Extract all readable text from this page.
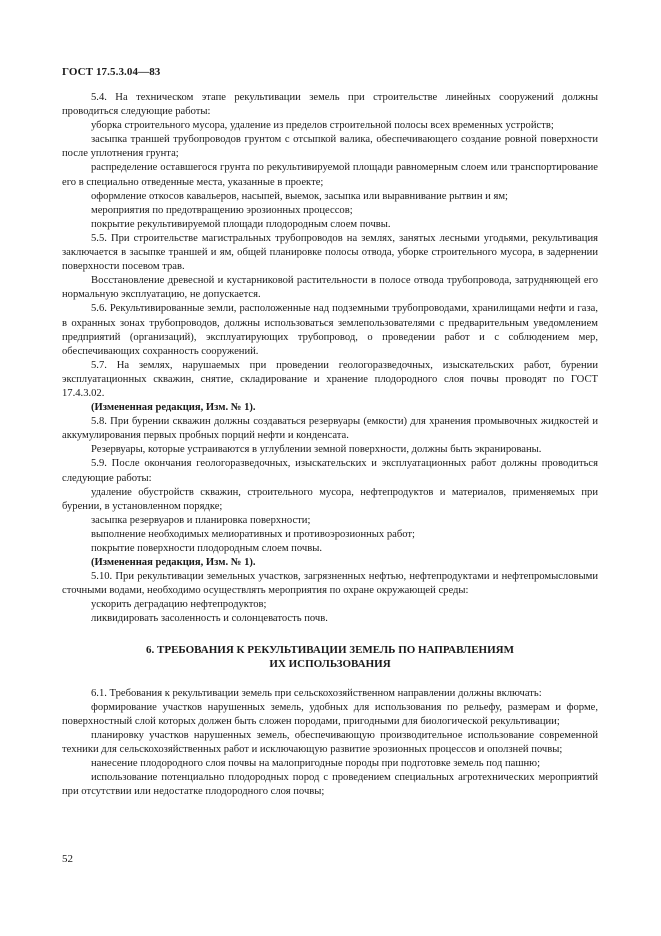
ГОСТ 17.5.3.04—83

5.4. На техническом этапе рекультивации земель при строительстве линейных сооружений должны проводиться следующие работы:

уборка строительного мусора, удаление из пределов строительной полосы всех временных устройств;

засыпка траншей трубопроводов грунтом с отсыпкой валика, обеспечивающего создание ровной поверхности после уплотнения грунта;

распределение оставшегося грунта по рекультивируемой площади равномерным слоем или транспортирование его в специально отведенные места, указанные в проекте;

оформление откосов кавальеров, насыпей, выемок, засыпка или выравнивание рытвин и ям;

мероприятия по предотвращению эрозионных процессов;

покрытие рекультивируемой площади плодородным слоем почвы.

5.5. При строительстве магистральных трубопроводов на землях, занятых лесными угодьями, рекультивация заключается в засыпке траншей и ям, общей планировке полосы отвода, уборке строительного мусора, в задернении поверхности посевом трав.

Восстановление древесной и кустарниковой растительности в полосе отвода трубопровода, затрудняющей его нормальную эксплуатацию, не допускается.

5.6. Рекультивированные земли, расположенные над подземными трубопроводами, хранилищами нефти и газа, в охранных зонах трубопроводов, должны использоваться землепользователями с предварительным уведомлением предприятий (организаций), эксплуатирующих трубопровод, о проведении работ и с соблюдением мер, обеспечивающих сохранность сооружений.

5.7. На землях, нарушаемых при проведении геологоразведочных, изыскательских работ, бурении эксплуатационных скважин, снятие, складирование и хранение плодородного слоя почвы проводят по ГОСТ 17.4.3.02.

(Измененная редакция, Изм. № 1).

5.8. При бурении скважин должны создаваться резервуары (емкости) для хранения промывочных жидкостей и аккумулирования первых пробных порций нефти и конденсата.

Резервуары, которые устраиваются в углублении земной поверхности, должны быть экранированы.

5.9. После окончания геологоразведочных, изыскательских и эксплуатационных работ должны проводиться следующие работы:

удаление обустройств скважин, строительного мусора, нефтепродуктов и материалов, применяемых при бурении, в установленном порядке;

засыпка резервуаров и планировка поверхности;

выполнение необходимых мелиоративных и противоэрозионных работ;

покрытие поверхности плодородным слоем почвы.

(Измененная редакция, Изм. № 1).

5.10. При рекультивации земельных участков, загрязненных нефтью, нефтепродуктами и нефтепромысловыми сточными водами, необходимо осуществлять мероприятия по охране окружающей среды:

ускорить деградацию нефтепродуктов;

ликвидировать засоленность и солонцеватость почв.

6. ТРЕБОВАНИЯ К РЕКУЛЬТИВАЦИИ ЗЕМЕЛЬ ПО НАПРАВЛЕНИЯМ
ИХ ИСПОЛЬЗОВАНИЯ

6.1. Требования к рекультивации земель при сельскохозяйственном направлении должны включать:

формирование участков нарушенных земель, удобных для использования по рельефу, размерам и форме, поверхностный слой которых должен быть сложен породами, пригодными для биологической рекультивации;

планировку участков нарушенных земель, обеспечивающую производительное использование современной техники для сельскохозяйственных работ и исключающую развитие эрозионных процессов и оползней почвы;

нанесение плодородного слоя почвы на малопригодные породы при подготовке земель под пашню;

использование потенциально плодородных пород с проведением специальных агротехнических мероприятий при отсутствии или недостатке плодородного слоя почвы;

52
